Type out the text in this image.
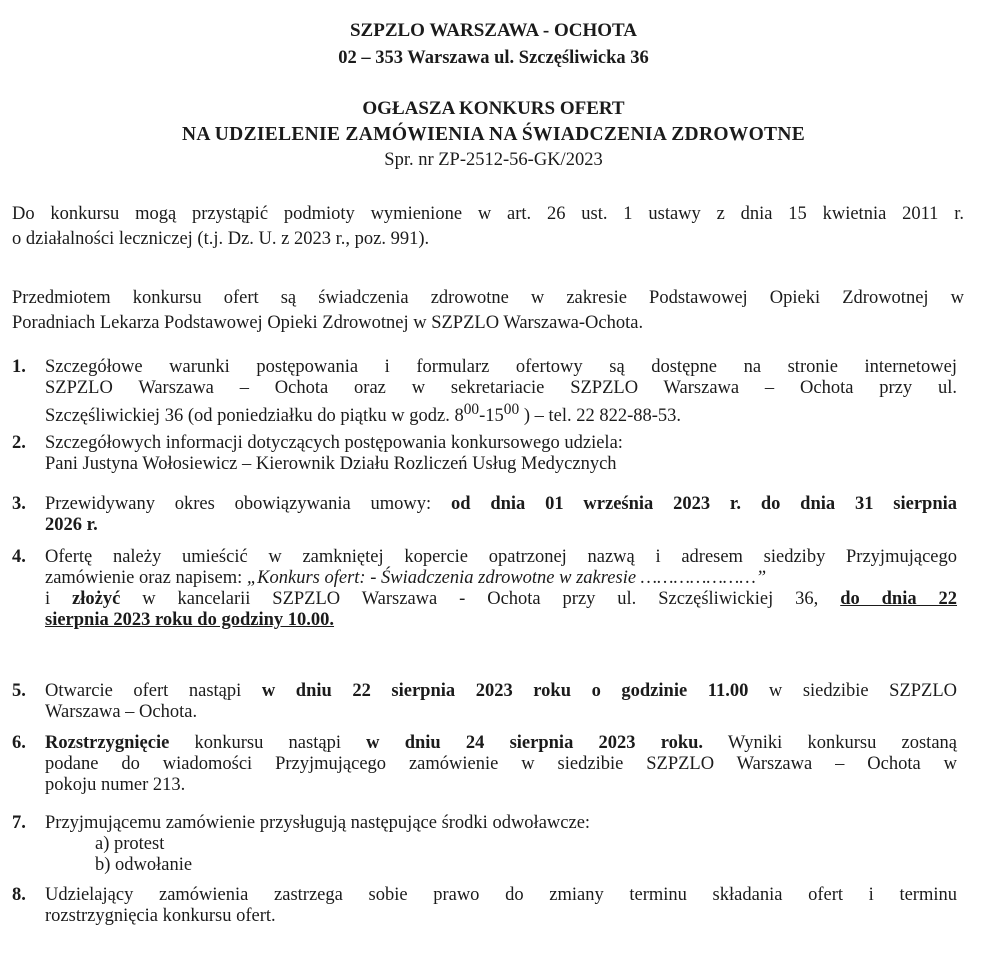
SZPZLO WARSZAWA - OCHOTA
02 – 353 Warszawa ul. Szczęśliwicka 36
OGŁASZA KONKURS OFERT
NA UDZIELENIE ZAMÓWIENIA NA ŚWIADCZENIA ZDROWOTNE
Spr. nr ZP-2512-56-GK/2023
Do konkursu mogą przystąpić podmioty wymienione w art. 26 ust. 1 ustawy z dnia 15 kwietnia 2011 r.
o działalności leczniczej (t.j. Dz. U. z 2023 r., poz. 991).
Przedmiotem konkursu ofert są świadczenia zdrowotne w zakresie Podstawowej Opieki Zdrowotnej w
Poradniach Lekarza Podstawowej Opieki Zdrowotnej w SZPZLO Warszawa-Ochota.
1. Szczegółowe warunki postępowania i formularz ofertowy są dostępne na stronie internetowej
SZPZLO Warszawa – Ochota oraz w sekretariacie SZPZLO Warszawa – Ochota przy ul.
Szczęśliwickiej 36 (od poniedziałku do piątku w godz. $8^{00}-15^{00}$ ) – tel. 22 822-88-53.
2. Szczegółowych informacji dotyczących postępowania konkursowego udziela:
Pani Justyna Wołosiewicz – Kierownik Działu Rozliczeń Usług Medycznych
3. Przewidywany okres obowiązywania umowy: od dnia 01 września 2023 r. do dnia 31 sierpnia
2026 r.
4. Ofertę należy umieścić w zamkniętej kopercie opatrzonej nazwą i adresem siedziby Przyjmującego
zamówienie oraz napisem: „Konkurs ofert: - Świadczenia zdrowotne w zakresie …………………”
i złożyć w kancelarii SZPZLO Warszawa - Ochota przy ul. Szczęśliwickiej 36, do dnia 22
sierpnia 2023 roku do godziny 10.00.
5. Otwarcie ofert nastąpi w dniu 22 sierpnia 2023 roku o godzinie 11.00 w siedzibie SZPZLO
Warszawa – Ochota.
6. Rozstrzygnięcie konkursu nastąpi w dniu 24 sierpnia 2023 roku. Wyniki konkursu zostaną
podane do wiadomości Przyjmującego zamówienie w siedzibie SZPZLO Warszawa – Ochota w
pokoju numer 213.
7. Przyjmującemu zamówienie przysługują następujące środki odwoławcze:
a) protest
b) odwołanie
8. Udzielający zamówienia zastrzega sobie prawo do zmiany terminu składania ofert i terminu
rozstrzygnięcia konkursu ofert.
